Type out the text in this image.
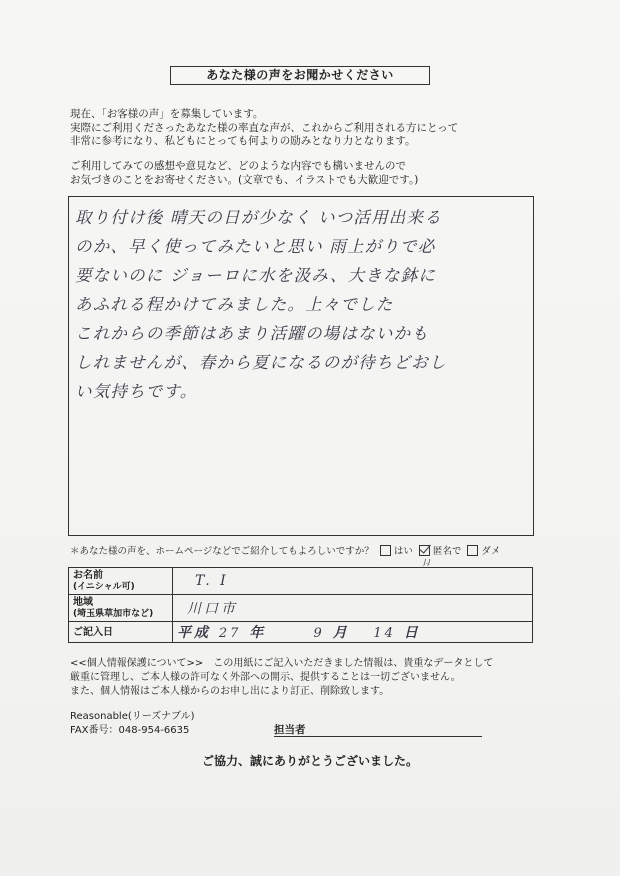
あなた様の声をお聞かせください

現在、「お客様の声」を募集しています。

実際にご利用くださったあなた様の率直な声が、これからご利用される方にとって

非常に参考になり、私どもにとっても何よりの励みとなり力となります。

ご利用してみての感想や意見など、どのような内容でも構いませんので

お気づきのことをお寄せください。(文章でも、イラストでも大歓迎です。)

取り付け後 晴天の日が少なく いつ活用出来る
のか、早く使ってみたいと思い 雨上がりで必
要ないのに ジョーロに水を汲み、大きな鉢に
あふれる程かけてみました。上々でした
これからの季節はあまり活躍の場はないかも
しれませんが、春から夏になるのが待ちどおし
い気持ちです。
＊あなた様の声を、ホームページなどでご紹介してもよろしいですか？ はい 匿名で ダメ
J.J
お名前
(イニシャル可)	T. I
地域
(埼玉県草加市など)	川口市
ご記入日	平成 27 年 9 月 14 日

<<個人情報保護について>>　この用紙にご記入いただきました情報は、貴重なデータとして

厳重に管理し、ご本人様の許可なく外部への開示、提供することは一切ございません。

また、個人情報はご本人様からのお申し出により訂正、削除致します。

Reasonable(リーズナブル)

FAX番号：048-954-6635	担当者
ご協力、誠にありがとうございました。
